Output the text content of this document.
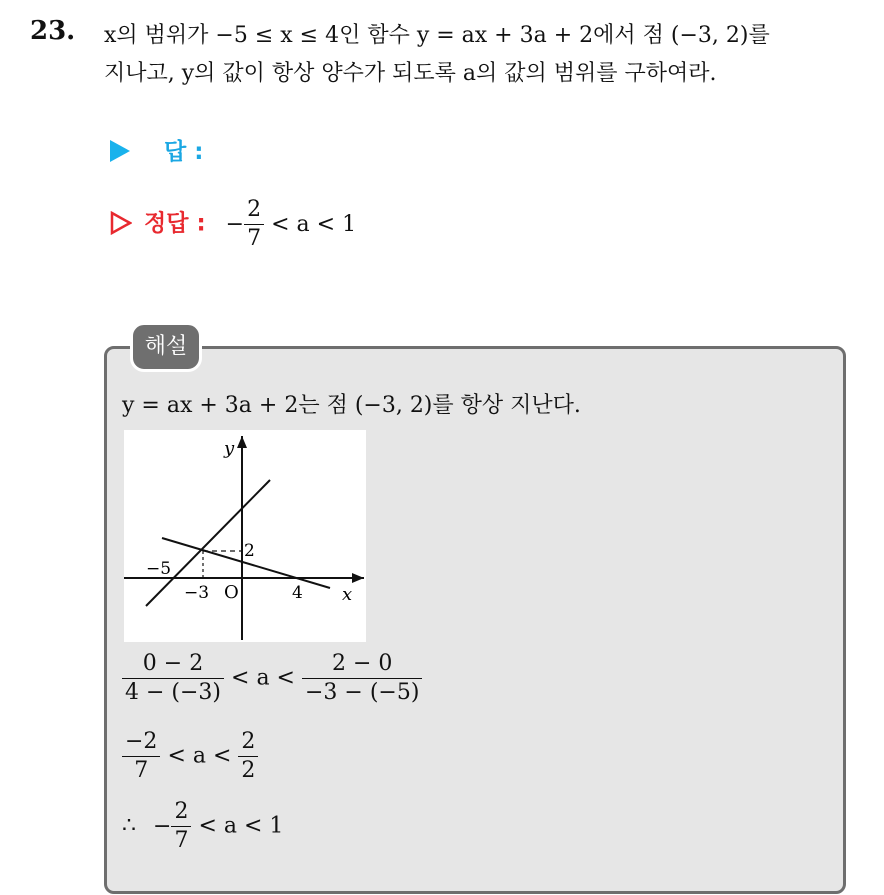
23. x의 범위가 −5 ≤ x ≤ 4인 함수 y = ax + 3a + 2에서 점 (−3, 2)를
지나고, y의 값이 항상 양수가 되도록 a의 값의 범위를 구하여라.
답 :
정답 : − $\frac{2}{7} < a < 1$
해설
y = ax + 3a + 2는 점 (−3, 2)를 항상 지난다.
y
x
O
−5
−3	4
2
$\frac{0 - 2}{4 - (-3)} < a < \frac{2 - 0}{-3 - (-5)}$
$\frac{-2}{7} < a < \frac{2}{2}$
∴ − $\frac{2}{7} < a < 1$
